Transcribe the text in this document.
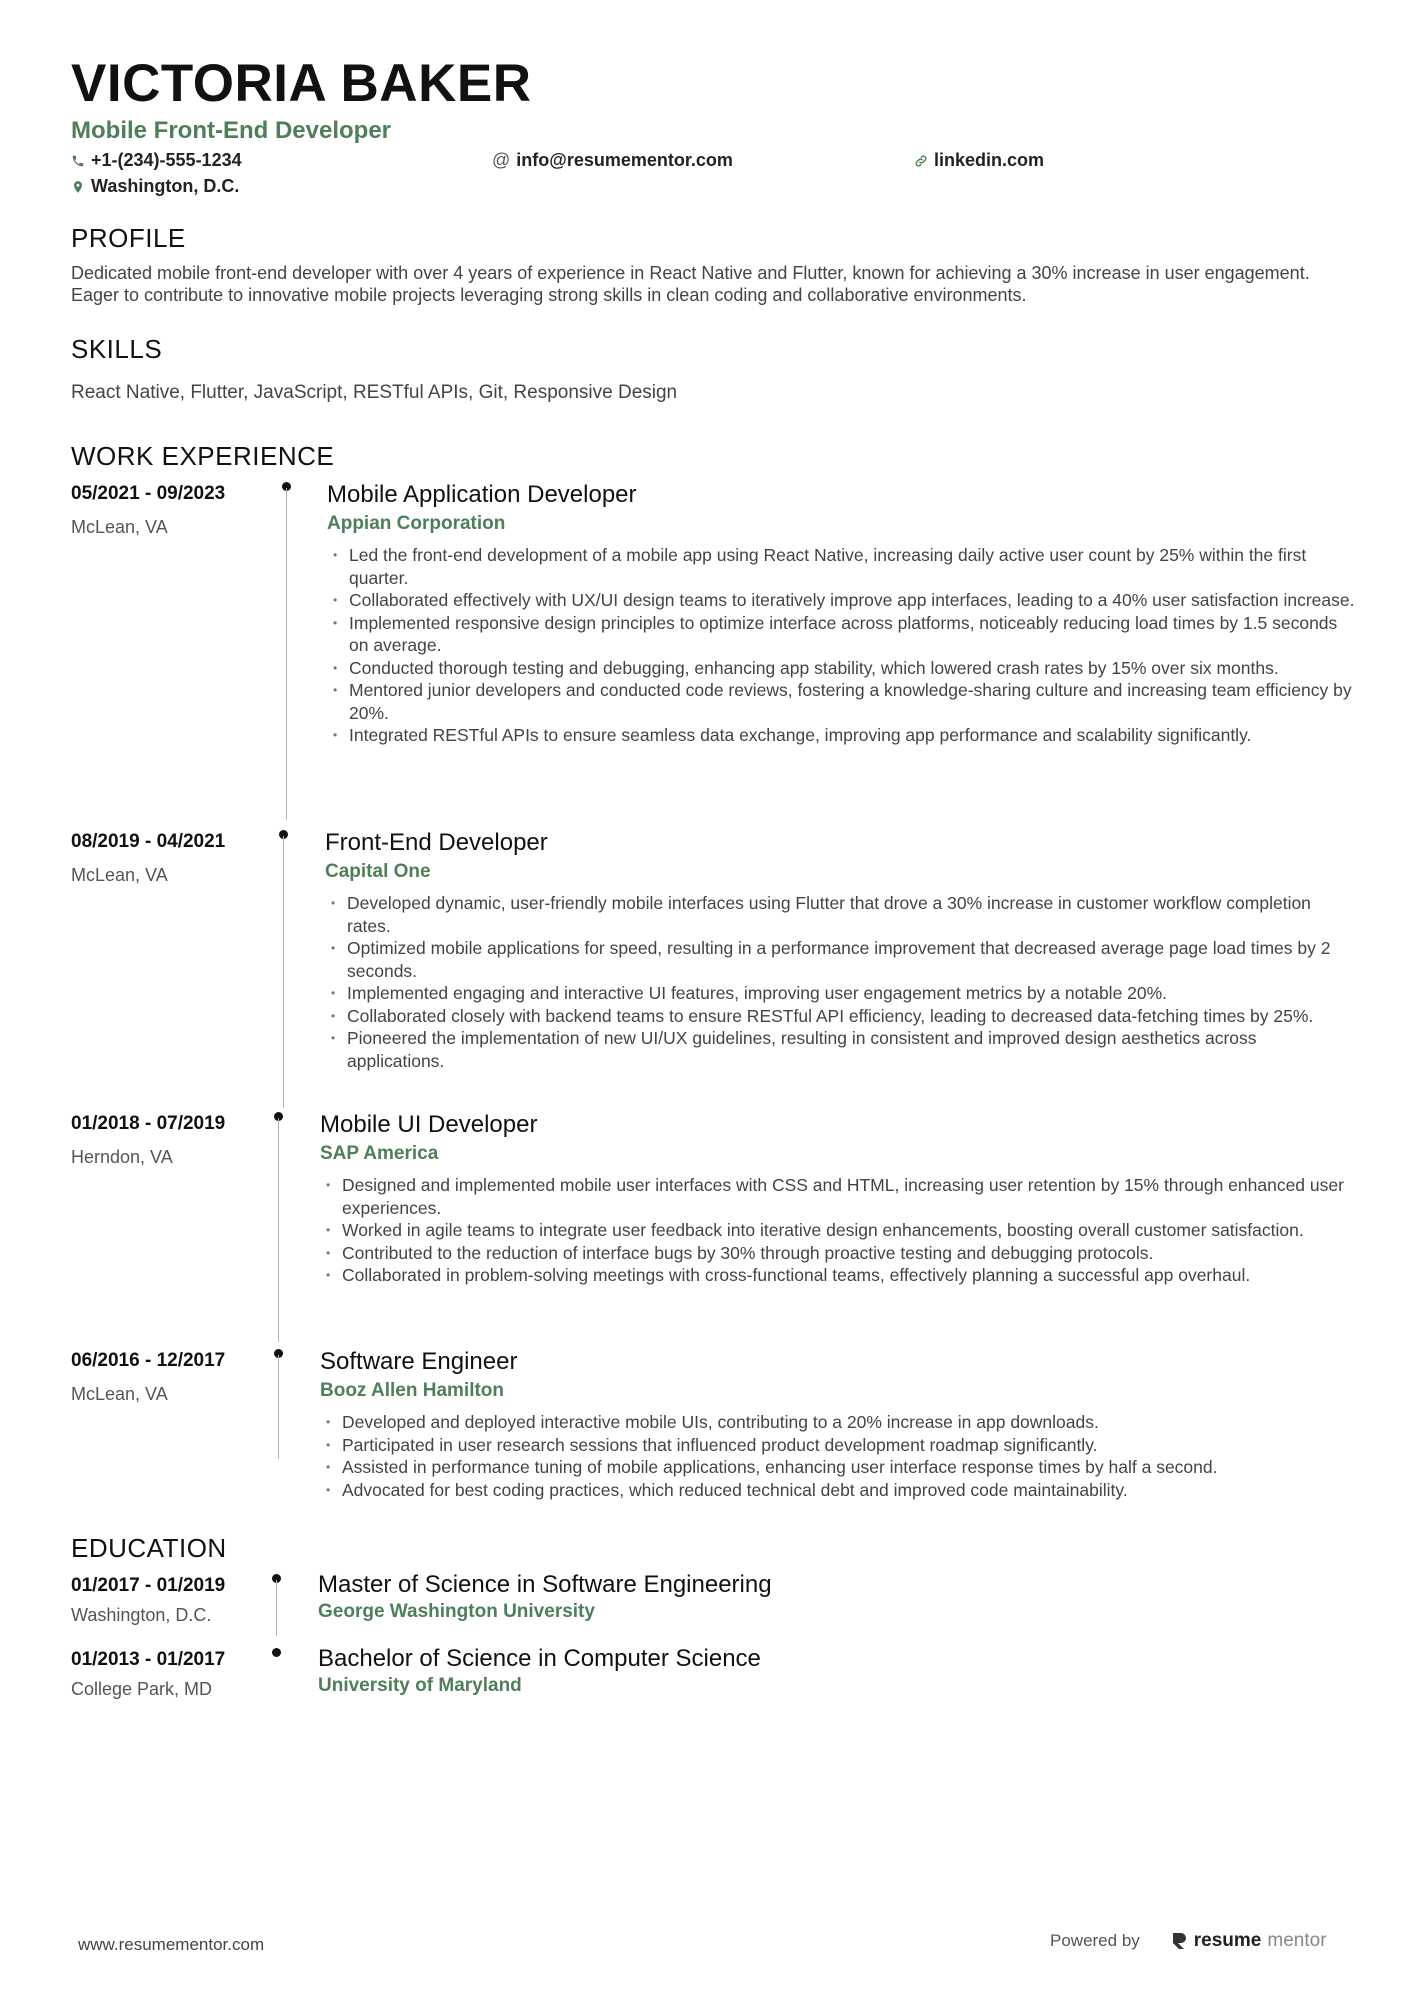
VICTORIA BAKER
Mobile Front-End Developer
+1-(234)-555-1234	@ info@resumementor.com	linkedin.com
Washington, D.C.
PROFILE
Dedicated mobile front-end developer with over 4 years of experience in React Native and Flutter, known for achieving a 30% increase in user engagement. Eager to contribute to innovative mobile projects leveraging strong skills in clean coding and collaborative environments.
SKILLS
React Native, Flutter, JavaScript, RESTful APIs, Git, Responsive Design
WORK EXPERIENCE
05/2021 - 09/2023
McLean, VA
Mobile Application Developer
Appian Corporation
• Led the front-end development of a mobile app using React Native, increasing daily active user count by 25% within the first quarter.
• Collaborated effectively with UX/UI design teams to iteratively improve app interfaces, leading to a 40% user satisfaction increase.
• Implemented responsive design principles to optimize interface across platforms, noticeably reducing load times by 1.5 seconds on average.
• Conducted thorough testing and debugging, enhancing app stability, which lowered crash rates by 15% over six months.
• Mentored junior developers and conducted code reviews, fostering a knowledge-sharing culture and increasing team efficiency by 20%.
• Integrated RESTful APIs to ensure seamless data exchange, improving app performance and scalability significantly.
08/2019 - 04/2021
McLean, VA
Front-End Developer
Capital One
• Developed dynamic, user-friendly mobile interfaces using Flutter that drove a 30% increase in customer workflow completion rates.
• Optimized mobile applications for speed, resulting in a performance improvement that decreased average page load times by 2 seconds.
• Implemented engaging and interactive UI features, improving user engagement metrics by a notable 20%.
• Collaborated closely with backend teams to ensure RESTful API efficiency, leading to decreased data-fetching times by 25%.
• Pioneered the implementation of new UI/UX guidelines, resulting in consistent and improved design aesthetics across applications.
01/2018 - 07/2019
Herndon, VA
Mobile UI Developer
SAP America
• Designed and implemented mobile user interfaces with CSS and HTML, increasing user retention by 15% through enhanced user experiences.
• Worked in agile teams to integrate user feedback into iterative design enhancements, boosting overall customer satisfaction.
• Contributed to the reduction of interface bugs by 30% through proactive testing and debugging protocols.
• Collaborated in problem-solving meetings with cross-functional teams, effectively planning a successful app overhaul.
06/2016 - 12/2017
McLean, VA
Software Engineer
Booz Allen Hamilton
• Developed and deployed interactive mobile UIs, contributing to a 20% increase in app downloads.
• Participated in user research sessions that influenced product development roadmap significantly.
• Assisted in performance tuning of mobile applications, enhancing user interface response times by half a second.
• Advocated for best coding practices, which reduced technical debt and improved code maintainability.
EDUCATION
01/2017 - 01/2019
Washington, D.C.
Master of Science in Software Engineering
George Washington University
01/2013 - 01/2017
College Park, MD
Bachelor of Science in Computer Science
University of Maryland
www.resumementor.com	Powered by	resume mentor
